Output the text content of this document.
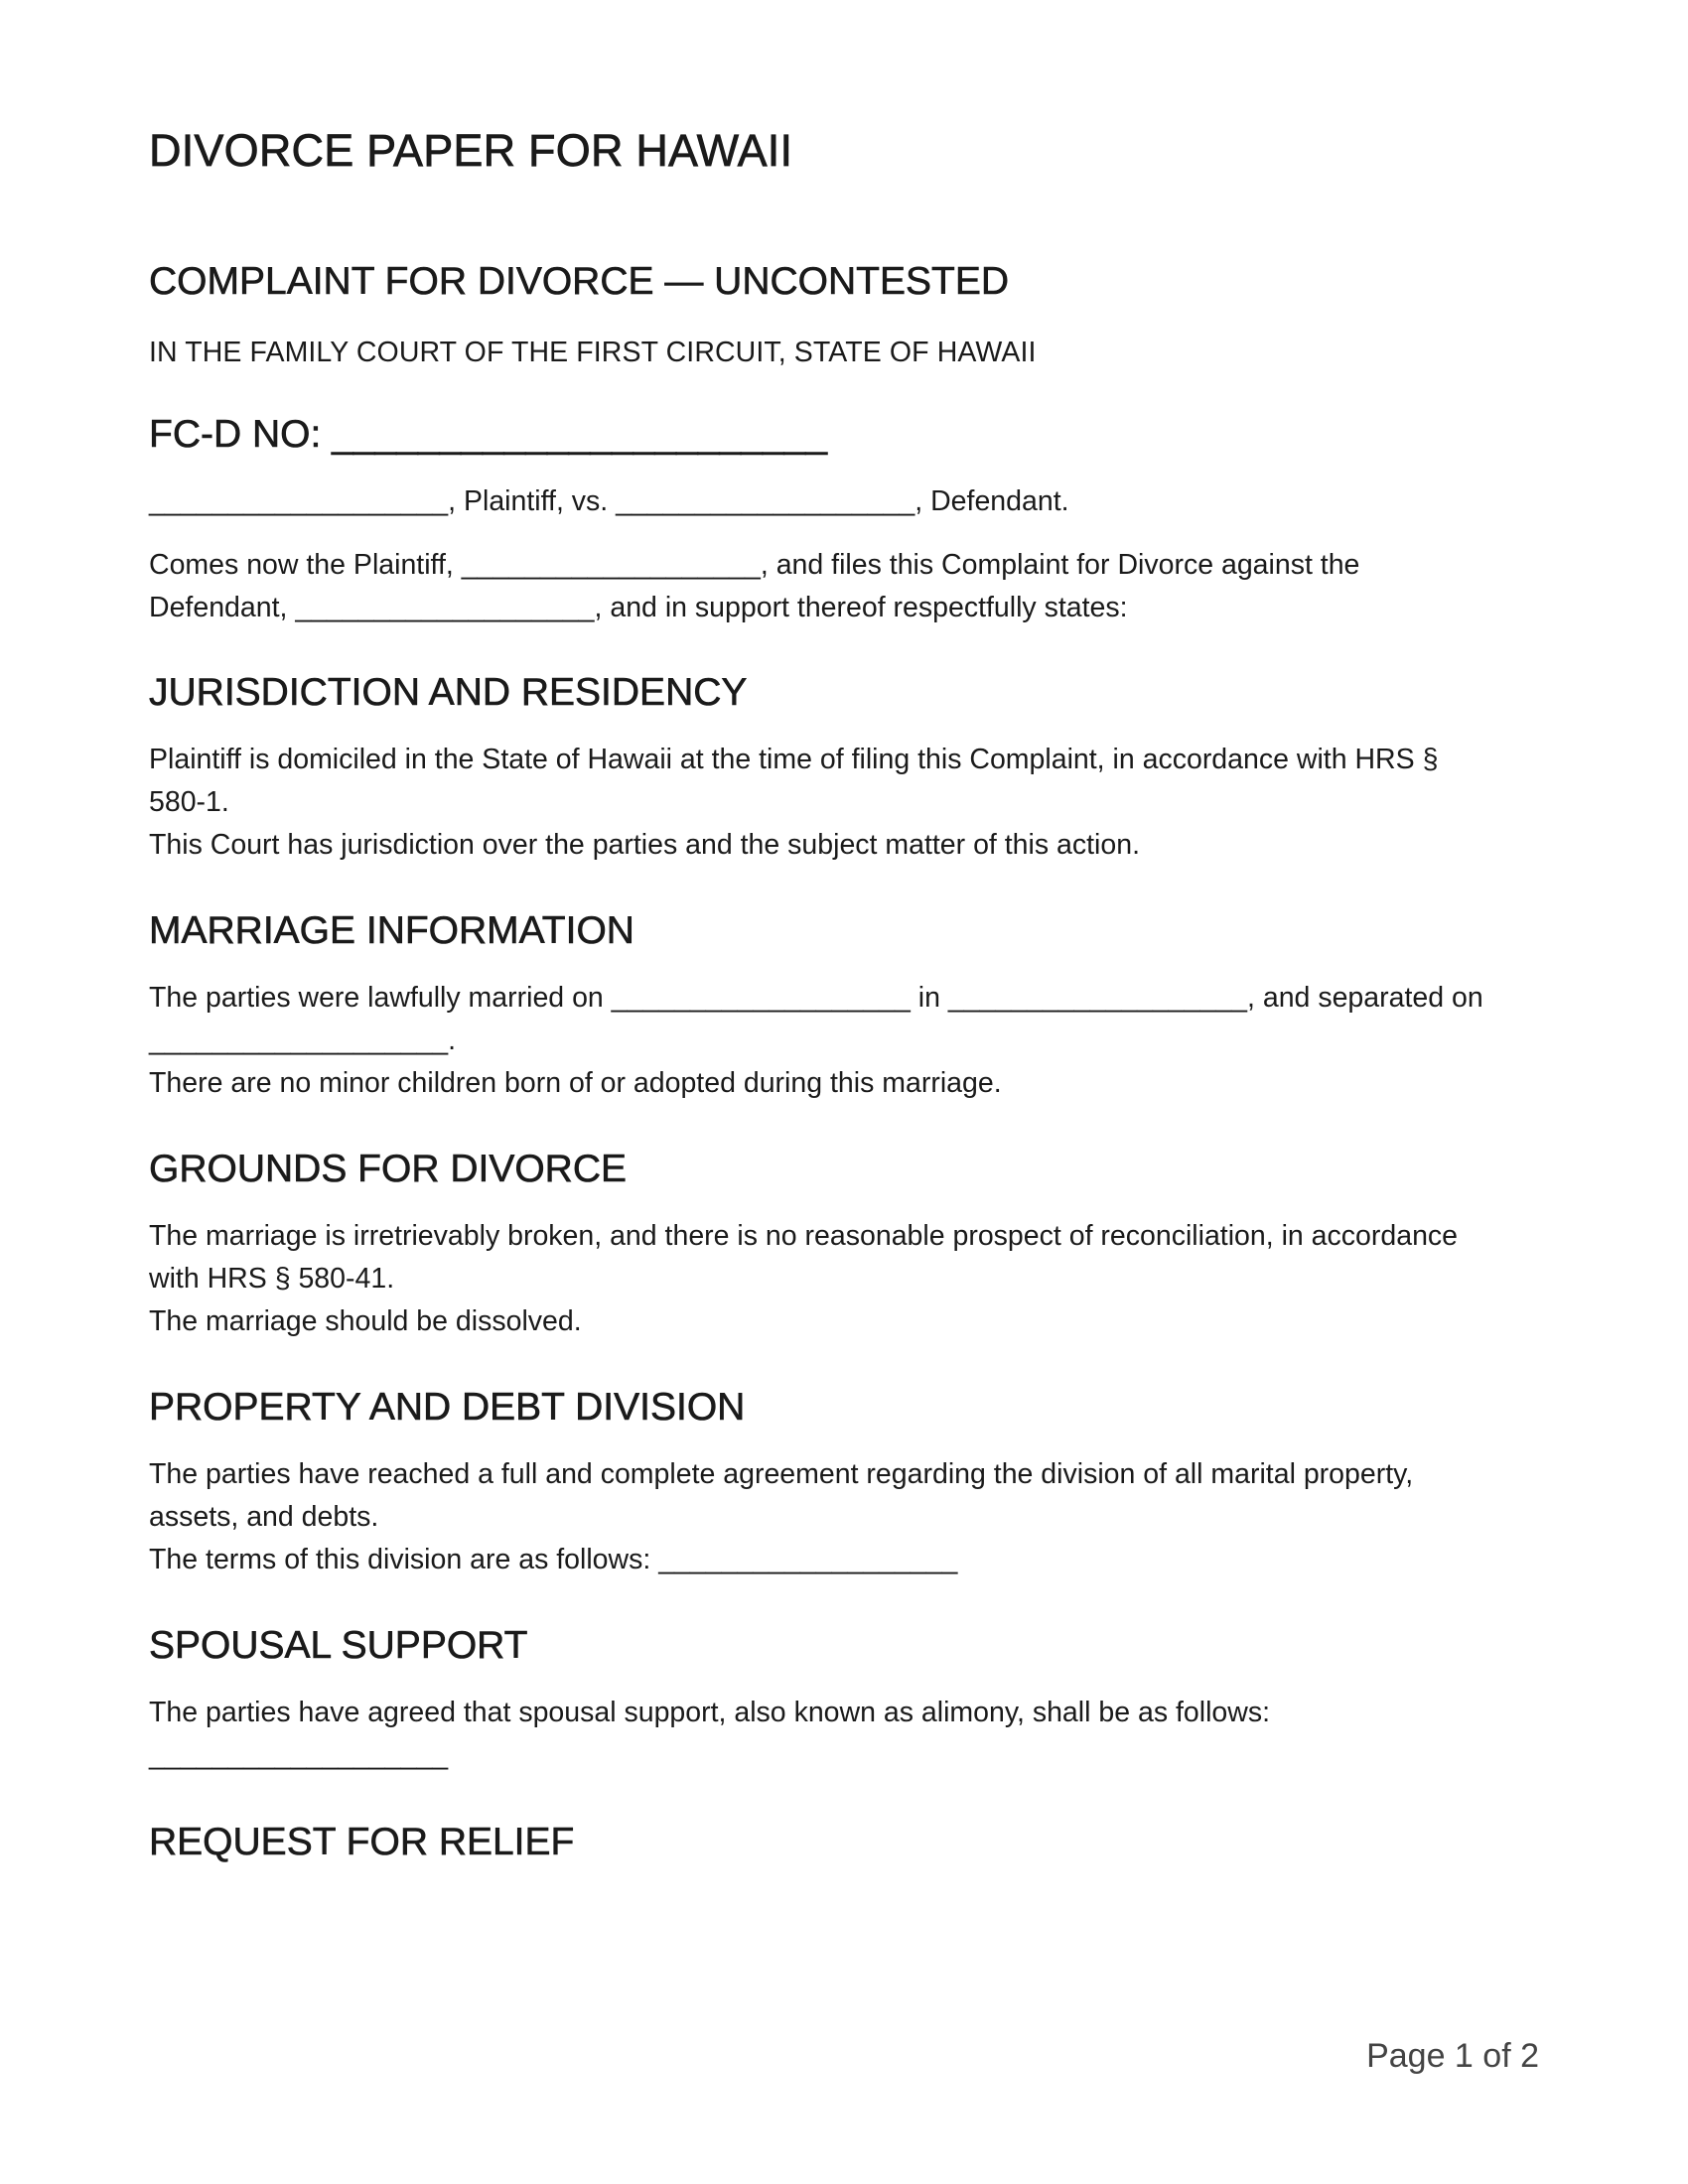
DIVORCE PAPER FOR HAWAII
COMPLAINT FOR DIVORCE — UNCONTESTED

IN THE FAMILY COURT OF THE FIRST CIRCUIT, STATE OF HAWAII

FC-D NO: _______________________

___________________, Plaintiff, vs. ___________________, Defendant.

Comes now the Plaintiff, ___________________, and files this Complaint for Divorce against the

Defendant, ___________________, and in support thereof respectfully states:

JURISDICTION AND RESIDENCY

Plaintiff is domiciled in the State of Hawaii at the time of filing this Complaint, in accordance with HRS §

580-1.

This Court has jurisdiction over the parties and the subject matter of this action.

MARRIAGE INFORMATION

The parties were lawfully married on ___________________ in ___________________, and separated on

___________________.

There are no minor children born of or adopted during this marriage.

GROUNDS FOR DIVORCE

The marriage is irretrievably broken, and there is no reasonable prospect of reconciliation, in accordance

with HRS § 580-41.

The marriage should be dissolved.

PROPERTY AND DEBT DIVISION

The parties have reached a full and complete agreement regarding the division of all marital property,

assets, and debts.

The terms of this division are as follows: ___________________

SPOUSAL SUPPORT

The parties have agreed that spousal support, also known as alimony, shall be as follows:

___________________

REQUEST FOR RELIEF
Page 1 of 2
